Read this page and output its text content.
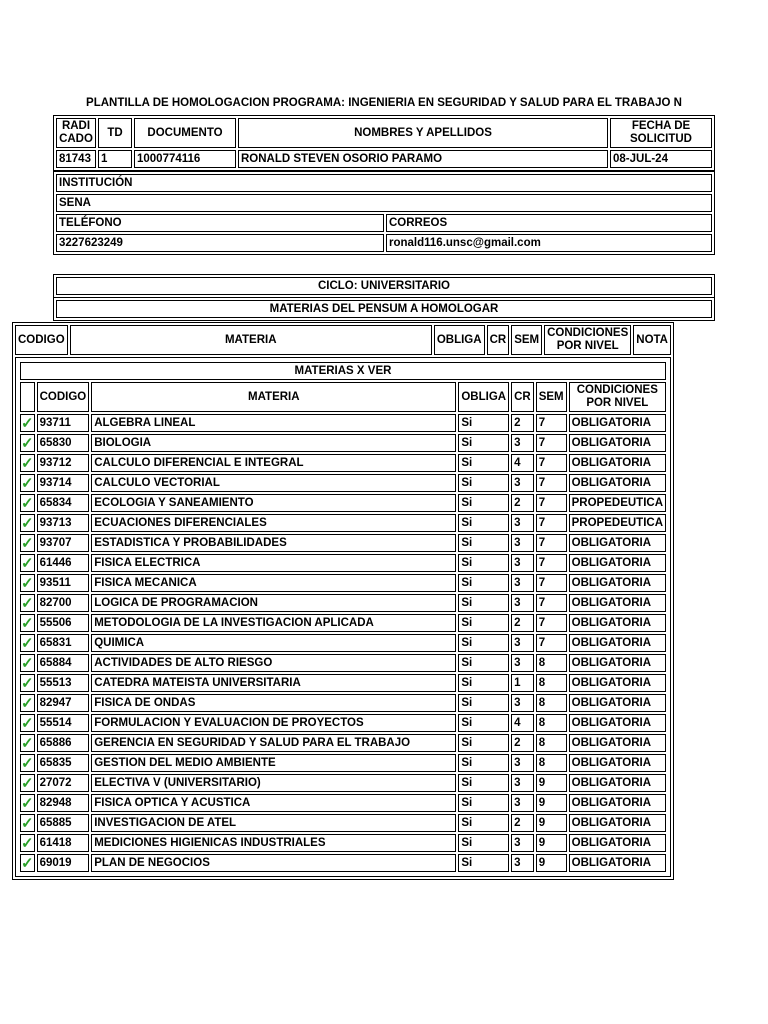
PLANTILLA DE HOMOLOGACION PROGRAMA: INGENIERIA EN SEGURIDAD Y SALUD PARA EL TRABAJO N
RADI CADO	TD	DOCUMENTO	NOMBRES Y APELLIDOS	FECHA DE SOLICITUD
81743	1	1000774116	RONALD STEVEN OSORIO PARAMO	08-JUL-24
INSTITUCIÓN	
SENA	
TELÉFONO	CORREOS
3227623249	ronald116.unsc@gmail.com
CICLO: UNIVERSITARIO
MATERIAS DEL PENSUM A HOMOLOGAR
CODIGO	MATERIA	OBLIGA	CR	SEM	CONDICIONES POR NIVEL	NOTA

MATERIAS X VER
	CODIGO	MATERIA	OBLIGA	CR	SEM	CONDICIONES POR NIVEL
✓	93711	ALGEBRA LINEAL	Si	2	7	OBLIGATORIA
✓	65830	BIOLOGIA	Si	3	7	OBLIGATORIA
✓	93712	CALCULO DIFERENCIAL E INTEGRAL	Si	4	7	OBLIGATORIA
✓	93714	CALCULO VECTORIAL	Si	3	7	OBLIGATORIA
✓	65834	ECOLOGIA Y SANEAMIENTO	Si	2	7	PROPEDEUTICA
✓	93713	ECUACIONES DIFERENCIALES	Si	3	7	PROPEDEUTICA
✓	93707	ESTADISTICA Y PROBABILIDADES	Si	3	7	OBLIGATORIA
✓	61446	FISICA ELECTRICA	Si	3	7	OBLIGATORIA
✓	93511	FISICA MECANICA	Si	3	7	OBLIGATORIA
✓	82700	LOGICA DE PROGRAMACION	Si	3	7	OBLIGATORIA
✓	55506	METODOLOGIA DE LA INVESTIGACION APLICADA	Si	2	7	OBLIGATORIA
✓	65831	QUIMICA	Si	3	7	OBLIGATORIA
✓	65884	ACTIVIDADES DE ALTO RIESGO	Si	3	8	OBLIGATORIA
✓	55513	CATEDRA MATEISTA UNIVERSITARIA	Si	1	8	OBLIGATORIA
✓	82947	FISICA DE ONDAS	Si	3	8	OBLIGATORIA
✓	55514	FORMULACION Y EVALUACION DE PROYECTOS	Si	4	8	OBLIGATORIA
✓	65886	GERENCIA EN SEGURIDAD Y SALUD PARA EL TRABAJO	Si	2	8	OBLIGATORIA
✓	65835	GESTION DEL MEDIO AMBIENTE	Si	3	8	OBLIGATORIA
✓	27072	ELECTIVA V (UNIVERSITARIO)	Si	3	9	OBLIGATORIA
✓	82948	FISICA OPTICA Y ACUSTICA	Si	3	9	OBLIGATORIA
✓	65885	INVESTIGACION DE ATEL	Si	2	9	OBLIGATORIA
✓	61418	MEDICIONES HIGIENICAS INDUSTRIALES	Si	3	9	OBLIGATORIA
✓	69019	PLAN DE NEGOCIOS	Si	3	9	OBLIGATORIA
